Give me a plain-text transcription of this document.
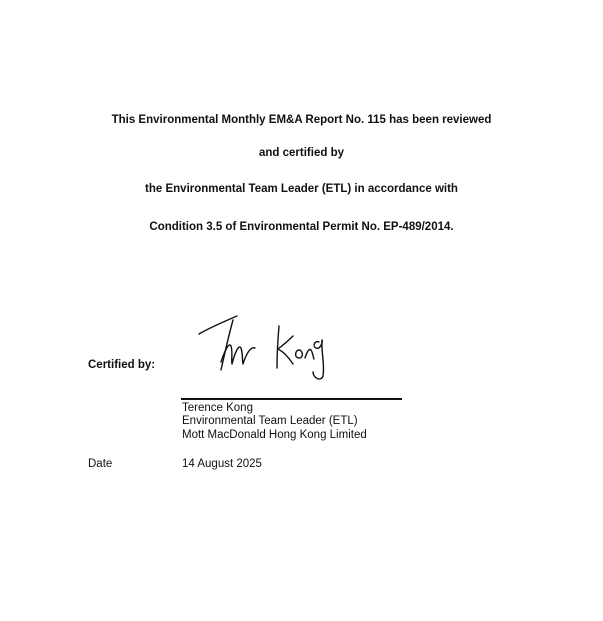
This Environmental Monthly EM&A Report No. 115 has been reviewed
and certified by
the Environmental Team Leader (ETL) in accordance with
Condition 3.5 of Environmental Permit No. EP-489/2014.
Certified by:
Terence Kong
Environmental Team Leader (ETL)
Mott MacDonald Hong Kong Limited
Date	14 August 2025
